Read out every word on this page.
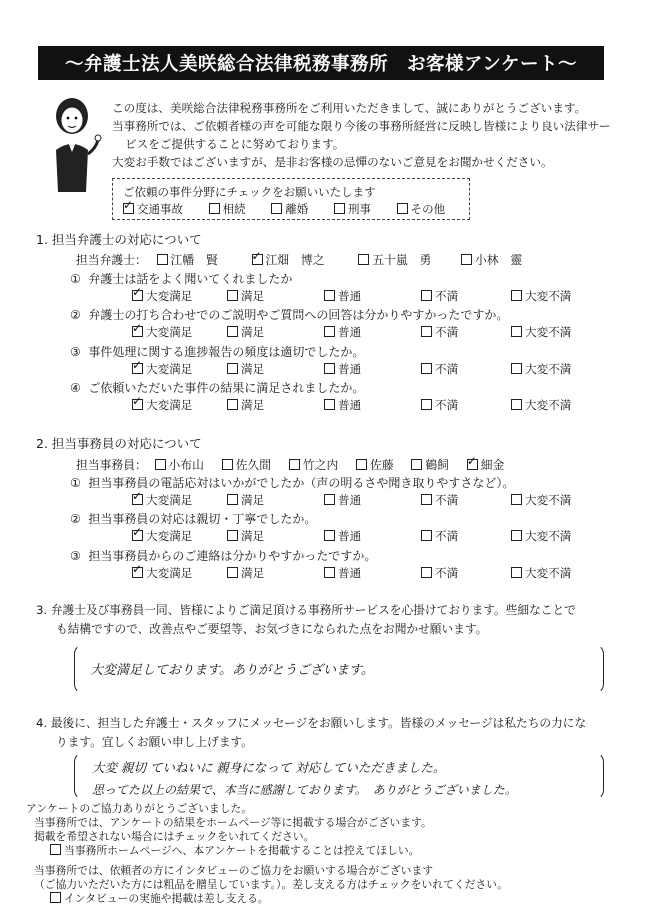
～弁護士法人美咲総合法律税務事務所　お客様アンケート～

この度は、美咲総合法律税務事務所をご利用いただきまして、誠にありがとうございます。

当事務所では、ご依頼者様の声を可能な限り今後の事務所経営に反映し皆様により良い法律サー

ビスをご提供することに努めております。

大変お手数ではございますが、是非お客様の忌憚のないご意見をお聞かせください。

ご依頼の事件分野にチェックをお願いいたします
✓交通事故	相続	離婚	刑事	その他
1. 担当弁護士の対応について
担当弁護士： 江幡　賢 ✓	江畑　博之	五十嵐　勇	小林　靈
① 弁護士は話をよく聞いてくれましたか
✓大変満足	満足	普通	不満	大変不満
② 弁護士の打ち合わせでのご説明やご質問への回答は分かりやすかったですか。
✓大変満足	満足	普通	不満	大変不満
③ 事件処理に関する進捗報告の頻度は適切でしたか。
✓大変満足	満足	普通	不満	大変不満
④ ご依頼いただいた事件の結果に満足されましたか。
✓大変満足	満足	普通	不満	大変不満
2. 担当事務員の対応について
担当事務員： 小布山	佐久間	竹之内	佐藤	鶴飼 ✓	細金
① 担当事務員の電話応対はいかがでしたか（声の明るさや聞き取りやすさなど）。
✓大変満足	満足	普通	不満	大変不満
② 担当事務員の対応は親切・丁寧でしたか。
✓大変満足	満足	普通	不満	大変不満
③ 担当事務員からのご連絡は分かりやすかったですか。
✓大変満足	満足	普通	不満	大変不満
3. 弁護士及び事務員一同、皆様によりご満足頂ける事務所サービスを心掛けております。些細なことで
も結構ですので、改善点やご要望等、お気づきになられた点をお聞かせ願います。
大変満足しております。ありがとうございます。
4. 最後に、担当した弁護士・スタッフにメッセージをお願いします。皆様のメッセージは私たちの力にな
ります。宜しくお願い申し上げます。
大変 親切 ていねいに 親身になって 対応していただきました。
思ってた以上の結果で、本当に感謝しております。　ありがとうございました。
アンケートのご協力ありがとうございました。
当事務所では、アンケートの結果をホームページ等に掲載する場合がございます。
掲載を希望されない場合にはチェックをいれてください。
当事務所ホームページへ、本アンケートを掲載することは控えてほしい。
当事務所では、依頼者の方にインタビューのご協力をお願いする場合がございます
（ご協力いただいた方には粗品を贈呈しています。）。差し支える方はチェックをいれてください。
インタビューの実施や掲載は差し支える。
